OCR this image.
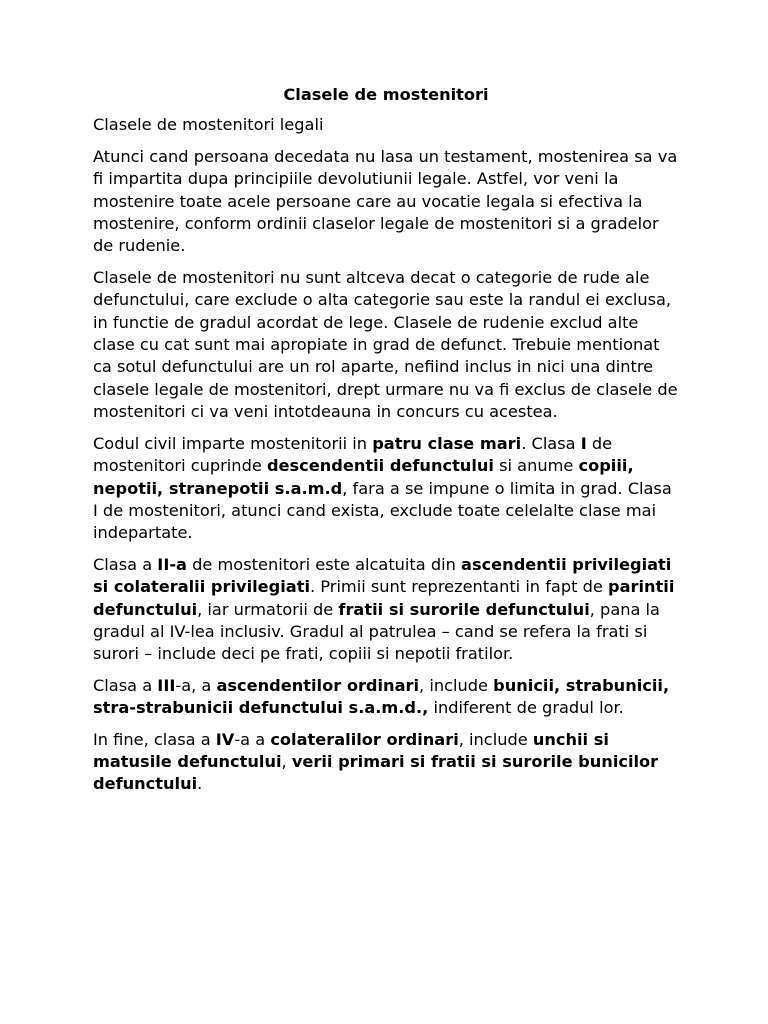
Clasele de mostenitori
Clasele de mostenitori legali

Atunci cand persoana decedata nu lasa un testament, mostenirea sa va fi impartita dupa principiile devolutiunii legale. Astfel, vor veni la mostenire toate acele persoane care au vocatie legala si efectiva la mostenire, conform ordinii claselor legale de mostenitori si a gradelor de rudenie.

Clasele de mostenitori nu sunt altceva decat o categorie de rude ale defunctului, care exclude o alta categorie sau este la randul ei exclusa, in functie de gradul acordat de lege. Clasele de rudenie exclud alte clase cu cat sunt mai apropiate in grad de defunct. Trebuie mentionat ca sotul defunctului are un rol aparte, nefiind inclus in nici una dintre clasele legale de mostenitori, drept urmare nu va fi exclus de clasele de mostenitori ci va veni intotdeauna in concurs cu acestea.

Codul civil imparte mostenitorii in patru clase mari. Clasa I de mostenitori cuprinde descendentii defunctului si anume copiii, nepotii, stranepotii s.a.m.d, fara a se impune o limita in grad. Clasa I de mostenitori, atunci cand exista, exclude toate celelalte clase mai indepartate.

Clasa a II-a de mostenitori este alcatuita din ascendentii privilegiati si colateralii privilegiati. Primii sunt reprezentanti in fapt de parintii defunctului, iar urmatorii de fratii si surorile defunctului, pana la gradul al IV-lea inclusiv. Gradul al patrulea – cand se refera la frati si surori – include deci pe frati, copiii si nepotii fratilor.

Clasa a III-a, a ascendentilor ordinari, include bunicii, strabunicii, stra-strabunicii defunctului s.a.m.d., indiferent de gradul lor.

In fine, clasa a IV-a a colateralilor ordinari, include unchii si matusile defunctului, verii primari si fratii si surorile bunicilor defunctului.
